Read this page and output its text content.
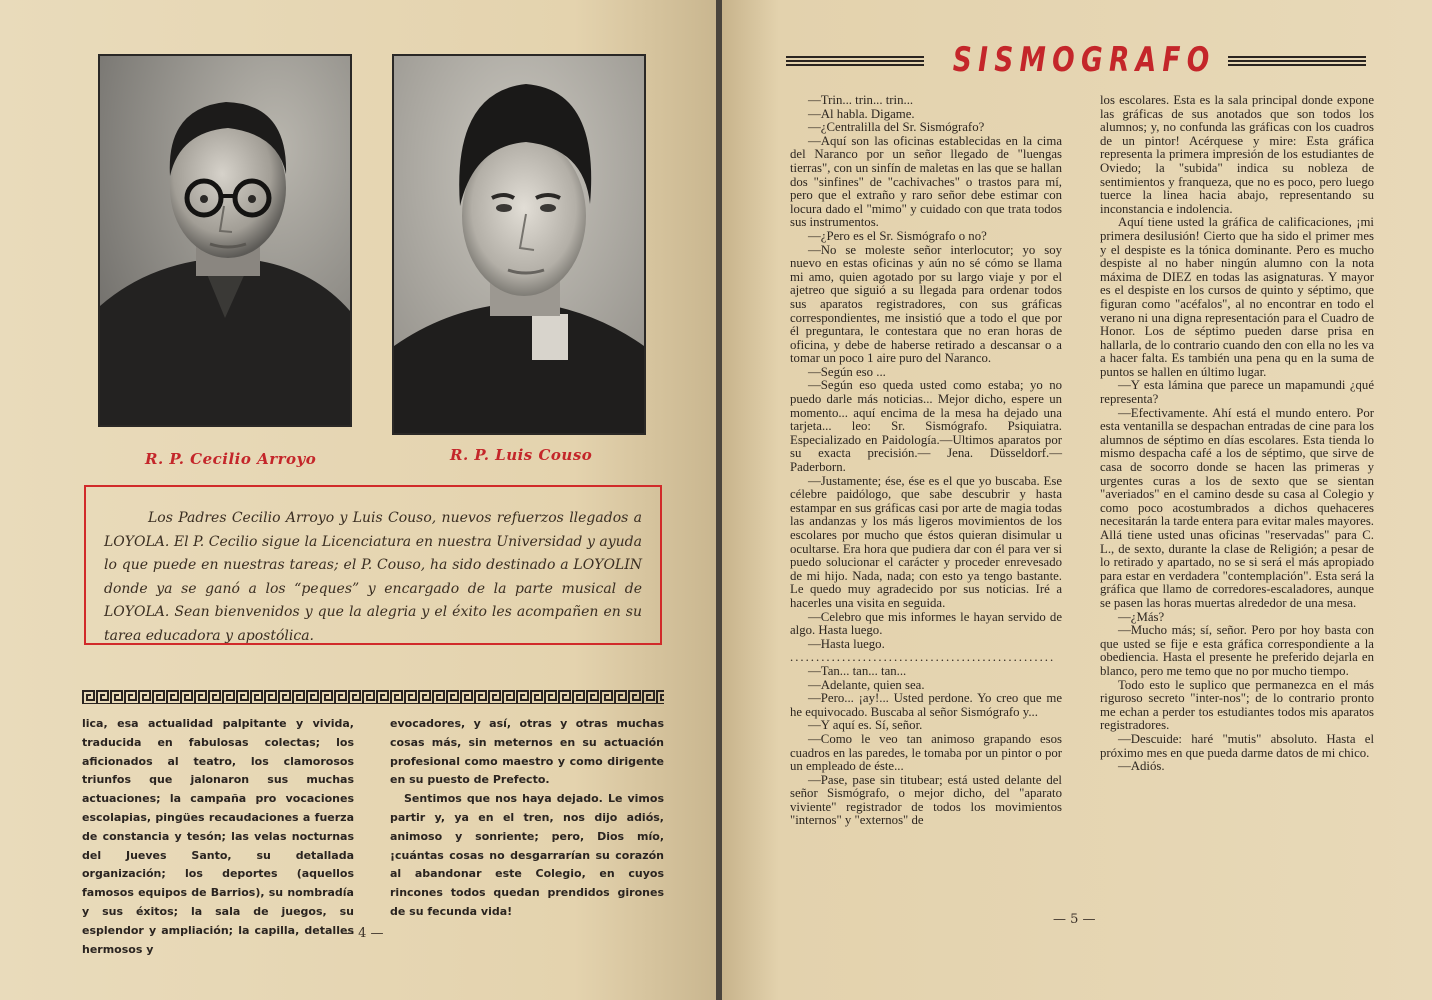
R. P. Cecilio Arroyo	R. P. Luis Couso

Los Padres Cecilio Arroyo y Luis Couso, nuevos refuerzos llegados a LOYOLA. El P. Cecilio sigue la Licenciatura en nuestra Universidad y ayuda lo que puede en nuestras tareas; el P. Couso, ha sido destinado a LOYOLIN donde ya se ganó a los “peques” y encargado de la parte musical de LOYOLA. Sean bienvenidos y que la alegria y el éxito les acompañen en su tarea educadora y apostólica.

lica, esa actualidad palpitante y vivida, traducida en fabulosas colectas; los aficionados al teatro, los clamorosos triunfos que jalonaron sus muchas actuaciones; la campaña pro vocaciones escolapias, pingües recaudaciones a fuerza de constancia y tesón; las velas nocturnas del Jueves Santo, su detallada organización; los deportes (aquellos famosos equipos de Barrios), su nombradía y sus éxitos; la sala de juegos, su esplendor y ampliación; la capilla, detalles hermosos y

evocadores, y así, otras y otras muchas cosas más, sin meternos en su actuación profesional como maestro y como dirigente en su puesto de Prefecto.

Sentimos que nos haya dejado. Le vimos partir y, ya en el tren, nos dijo adiós, animoso y sonriente; pero, Dios mío, ¡cuántas cosas no desgarrarían su corazón al abandonar este Colegio, en cuyos rincones todos quedan prendidos girones de su fecunda vida!

— 4 —
SISMOGRAFO

—Trin... trin... trin...

—Al habla. Digame.

—¿Centralilla del Sr. Sismógrafo?

—Aquí son las oficinas establecidas en la cima del Naranco por un señor llegado de "luengas tierras", con un sinfín de maletas en las que se hallan dos "sinfines" de "cachivaches" o trastos para mí, pero que el extraño y raro señor debe estimar con locura dado el "mimo" y cuidado con que trata todos sus instrumentos.

—¿Pero es el Sr. Sismógrafo o no?

—No se moleste señor interlocutor; yo soy nuevo en estas oficinas y aún no sé cómo se llama mi amo, quien agotado por su largo viaje y por el ajetreo que siguió a su llegada para ordenar todos sus aparatos registradores, con sus gráficas correspondientes, me insistió que a todo el que por él preguntara, le contestara que no eran horas de oficina, y debe de haberse retirado a descansar o a tomar un poco 1 aire puro del Naranco.

—Según eso ...

—Según eso queda usted como estaba; yo no puedo darle más noticias... Mejor dicho, espere un momento... aquí encima de la mesa ha dejado una tarjeta... leo: Sr. Sismógrafo. Psiquiatra. Especializado en Paidología.—Ultimos aparatos por su exacta precisión.— Jena. Düsseldorf.— Paderborn.

—Justamente; ése, ése es el que yo buscaba. Ese célebre paidólogo, que sabe descubrir y hasta estampar en sus gráficas casi por arte de magia todas las andanzas y los más ligeros movimientos de los escolares por mucho que éstos quieran disimular u ocultarse. Era hora que pudiera dar con él para ver si puedo solucionar el carácter y proceder enrevesado de mi hijo. Nada, nada; con esto ya tengo bastante. Le quedo muy agradecido por sus noticias. Iré a hacerles una visita en seguida.

—Celebro que mis informes le hayan servido de algo. Hasta luego.

—Hasta luego.

...................................................

—Tan... tan... tan...

—Adelante, quien sea.

—Pero... ¡ay!... Usted perdone. Yo creo que me he equivocado. Buscaba al señor Sismógrafo y...

—Y aquí es. Sí, señor.

—Como le veo tan animoso grapando esos cuadros en las paredes, le tomaba por un pintor o por un empleado de éste...

—Pase, pase sin titubear; está usted delante del señor Sismógrafo, o mejor dicho, del "aparato viviente" registrador de todos los movimientos "internos" y "externos" de

los escolares. Esta es la sala principal donde expone las gráficas de sus anotados que son todos los alumnos; y, no confunda las gráficas con los cuadros de un pintor! Acérquese y mire: Esta gráfica representa la primera impresión de los estudiantes de Oviedo; la "subida" indica su nobleza de sentimientos y franqueza, que no es poco, pero luego tuerce la linea hacia abajo, representando su inconstancia e indolencia.

Aquí tiene usted la gráfica de calificaciones, ¡mi primera desilusión! Cierto que ha sido el primer mes y el despiste es la tónica dominante. Pero es mucho despiste al no haber ningún alumno con la nota máxima de DIEZ en todas las asignaturas. Y mayor es el despiste en los cursos de quinto y séptimo, que figuran como "acéfalos", al no encontrar en todo el verano ni una digna representación para el Cuadro de Honor. Los de séptimo pueden darse prisa en hallarla, de lo contrario cuando den con ella no les va a hacer falta. Es también una pena qu en la suma de puntos se hallen en último lugar.

—Y esta lámina que parece un mapamundi ¿qué representa?

—Efectivamente. Ahí está el mundo entero. Por esta ventanilla se despachan entradas de cine para los alumnos de séptimo en días escolares. Esta tienda lo mismo despacha café a los de séptimo, que sirve de casa de socorro donde se hacen las primeras y urgentes curas a los de sexto que se sientan "averiados" en el camino desde su casa al Colegio y como poco acostumbrados a dichos quehaceres necesitarán la tarde entera para evitar males mayores. Allá tiene usted unas oficinas "reservadas" para C. L., de sexto, durante la clase de Religión; a pesar de lo retirado y apartado, no se si será el más apropiado para estar en verdadera "contemplación". Esta será la gráfica que llamo de corredores-escaladores, aunque se pasen las horas muertas alrededor de una mesa.

—¿Más?

—Mucho más; sí, señor. Pero por hoy basta con que usted se fije e esta gráfica correspondiente a la obediencia. Hasta el presente he preferido dejarla en blanco, pero me temo que no por mucho tiempo.

Todo esto le suplico que permanezca en el más riguroso secreto "inter-nos"; de lo contrario pronto me echan a perder tos estudiantes todos mis aparatos registradores.

—Descuide: haré "mutis" absoluto. Hasta el próximo mes en que pueda darme datos de mi chico.

—Adiós.

— 5 —
